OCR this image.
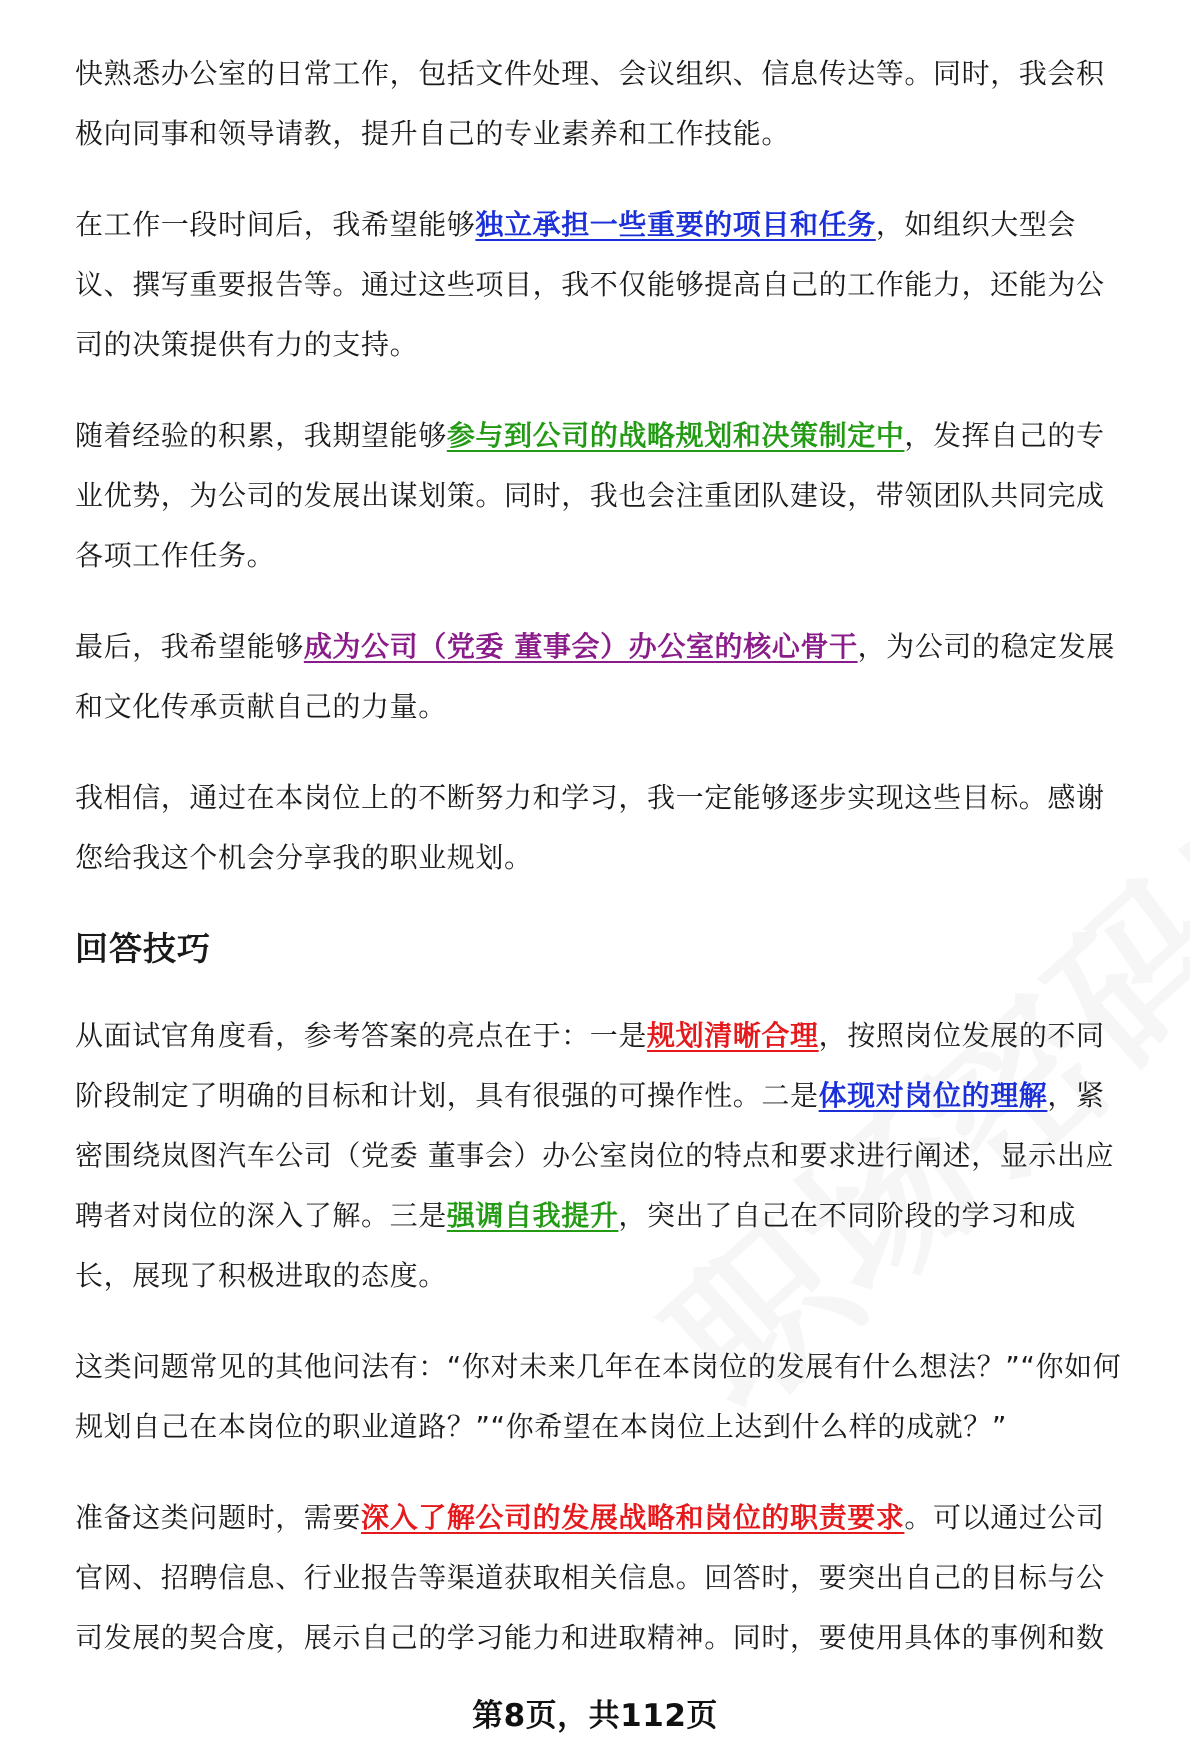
快熟悉办公室的日常工作，包括文件处理、会议组织、信息传达等。同时，我会积
极向同事和领导请教，提升自己的专业素养和工作技能。

在工作一段时间后，我希望能够独立承担一些重要的项目和任务，如组织大型会
议、撰写重要报告等。通过这些项目，我不仅能够提高自己的工作能力，还能为公
司的决策提供有力的支持。

随着经验的积累，我期望能够参与到公司的战略规划和决策制定中，发挥自己的专
业优势，为公司的发展出谋划策。同时，我也会注重团队建设，带领团队共同完成
各项工作任务。

最后，我希望能够成为公司（党委 董事会）办公室的核心骨干，为公司的稳定发展
和文化传承贡献自己的力量。

我相信，通过在本岗位上的不断努力和学习，我一定能够逐步实现这些目标。感谢
您给我这个机会分享我的职业规划。

回答技巧

从面试官角度看，参考答案的亮点在于：一是规划清晰合理，按照岗位发展的不同
阶段制定了明确的目标和计划，具有很强的可操作性。二是体现对岗位的理解，紧
密围绕岚图汽车公司（党委 董事会）办公室岗位的特点和要求进行阐述，显示出应
聘者对岗位的深入了解。三是强调自我提升，突出了自己在不同阶段的学习和成
长，展现了积极进取的态度。

这类问题常见的其他问法有：“你对未来几年在本岗位的发展有什么想法？”“你如何
规划自己在本岗位的职业道路？”“你希望在本岗位上达到什么样的成就？”

准备这类问题时，需要深入了解公司的发展战略和岗位的职责要求。可以通过公司
官网、招聘信息、行业报告等渠道获取相关信息。回答时，要突出自己的目标与公
司发展的契合度，展示自己的学习能力和进取精神。同时，要使用具体的事例和数

第8页，共112页
